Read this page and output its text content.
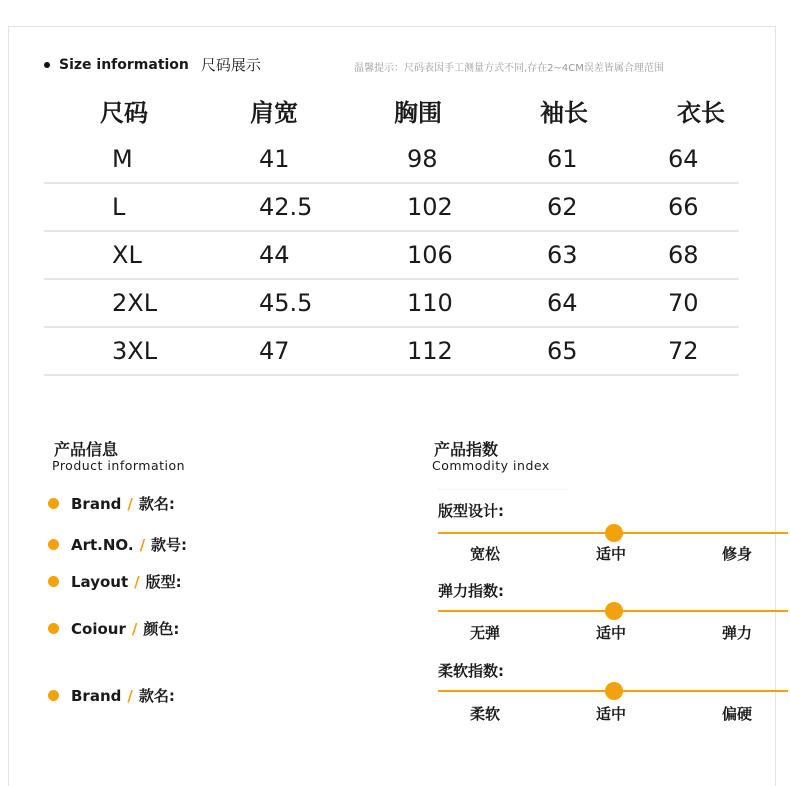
Size information 尺码展示	温馨提示：尺码表因手工测量方式不同,存在2~4CM误差皆属合理范围
尺码	肩宽	胸围	袖长	衣长
M	41	98	61	64
L	42.5	102	62	66
XL	44	106	63	68
2XL	45.5	110	64	70
3XL	47	112	65	72
产品信息
Product information
Brand / 款名:
Art.NO. / 款号:
Layout / 版型:
Coiour / 颜色:
Brand / 款名:
产品指数
Commodity index
版型设计:
宽松	适中	修身
弹力指数:
无弹	适中	弹力
柔软指数:
柔软	适中	偏硬
